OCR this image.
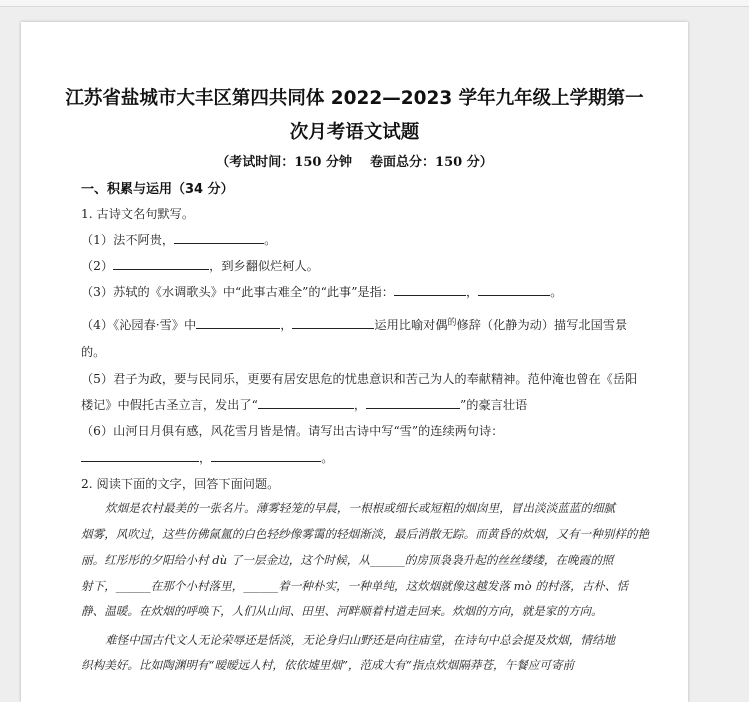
江苏省盐城市大丰区第四共同体 2022—2023 学年九年级上学期第一
次月考语文试题
（考试时间：150 分钟    卷面总分：150 分）
一、积累与运用（34 分）
1. 古诗文名句默写。
（1）法不阿贵，	。
（2）	，到乡翻似烂柯人。
（3）苏轼的《水调歌头》中“此事古难全”的“此事”是指：	，	。
（4）《沁园春·雪》中	，	运用比喻对偶$^的$修辞（化静为动）描写北国雪景
的。
（5）君子为政，要与民同乐，更要有居安思危的忧患意识和苦己为人的奉献精神。范仲淹也曾在《岳阳
楼记》中假托古圣立言，发出了“	，	”的豪言壮语
（6）山河日月俱有感，风花雪月皆是情。请写出古诗中写“雪”的连续两句诗：
，	。
2. 阅读下面的文字，回答下面问题。
炊烟是农村最美的一张名片。薄雾轻笼的早晨，一根根或细长或短粗的烟囱里，冒出淡淡蓝蓝的细腻
烟雾，风吹过，这些仿佛氤氲的白色轻纱像雾霭的轻烟渐淡，最后消散无踪。而黄昏的炊烟，又有一种别样的艳
丽。红彤彤的夕阳给小村 dù 了一层金边，这个时候，从______的房顶袅袅升起的丝丝缕缕，在晚霞的照
射下，______在那个小村落里，______着一种朴实，一种单纯，这炊烟就像这越发落 mò 的村落，古朴、恬
静、温暖。在炊烟的呼唤下，人们从山间、田里、河畔顺着村道走回来。炊烟的方向，就是家的方向。
难怪中国古代文人无论荣辱还是恬淡，无论身归山野还是向往庙堂，在诗句中总会提及炊烟，情结地
织构美好。比如陶渊明有“暧暧远人村，依依墟里烟”，范成大有“指点炊烟隔莽苍，午餐应可寄前
